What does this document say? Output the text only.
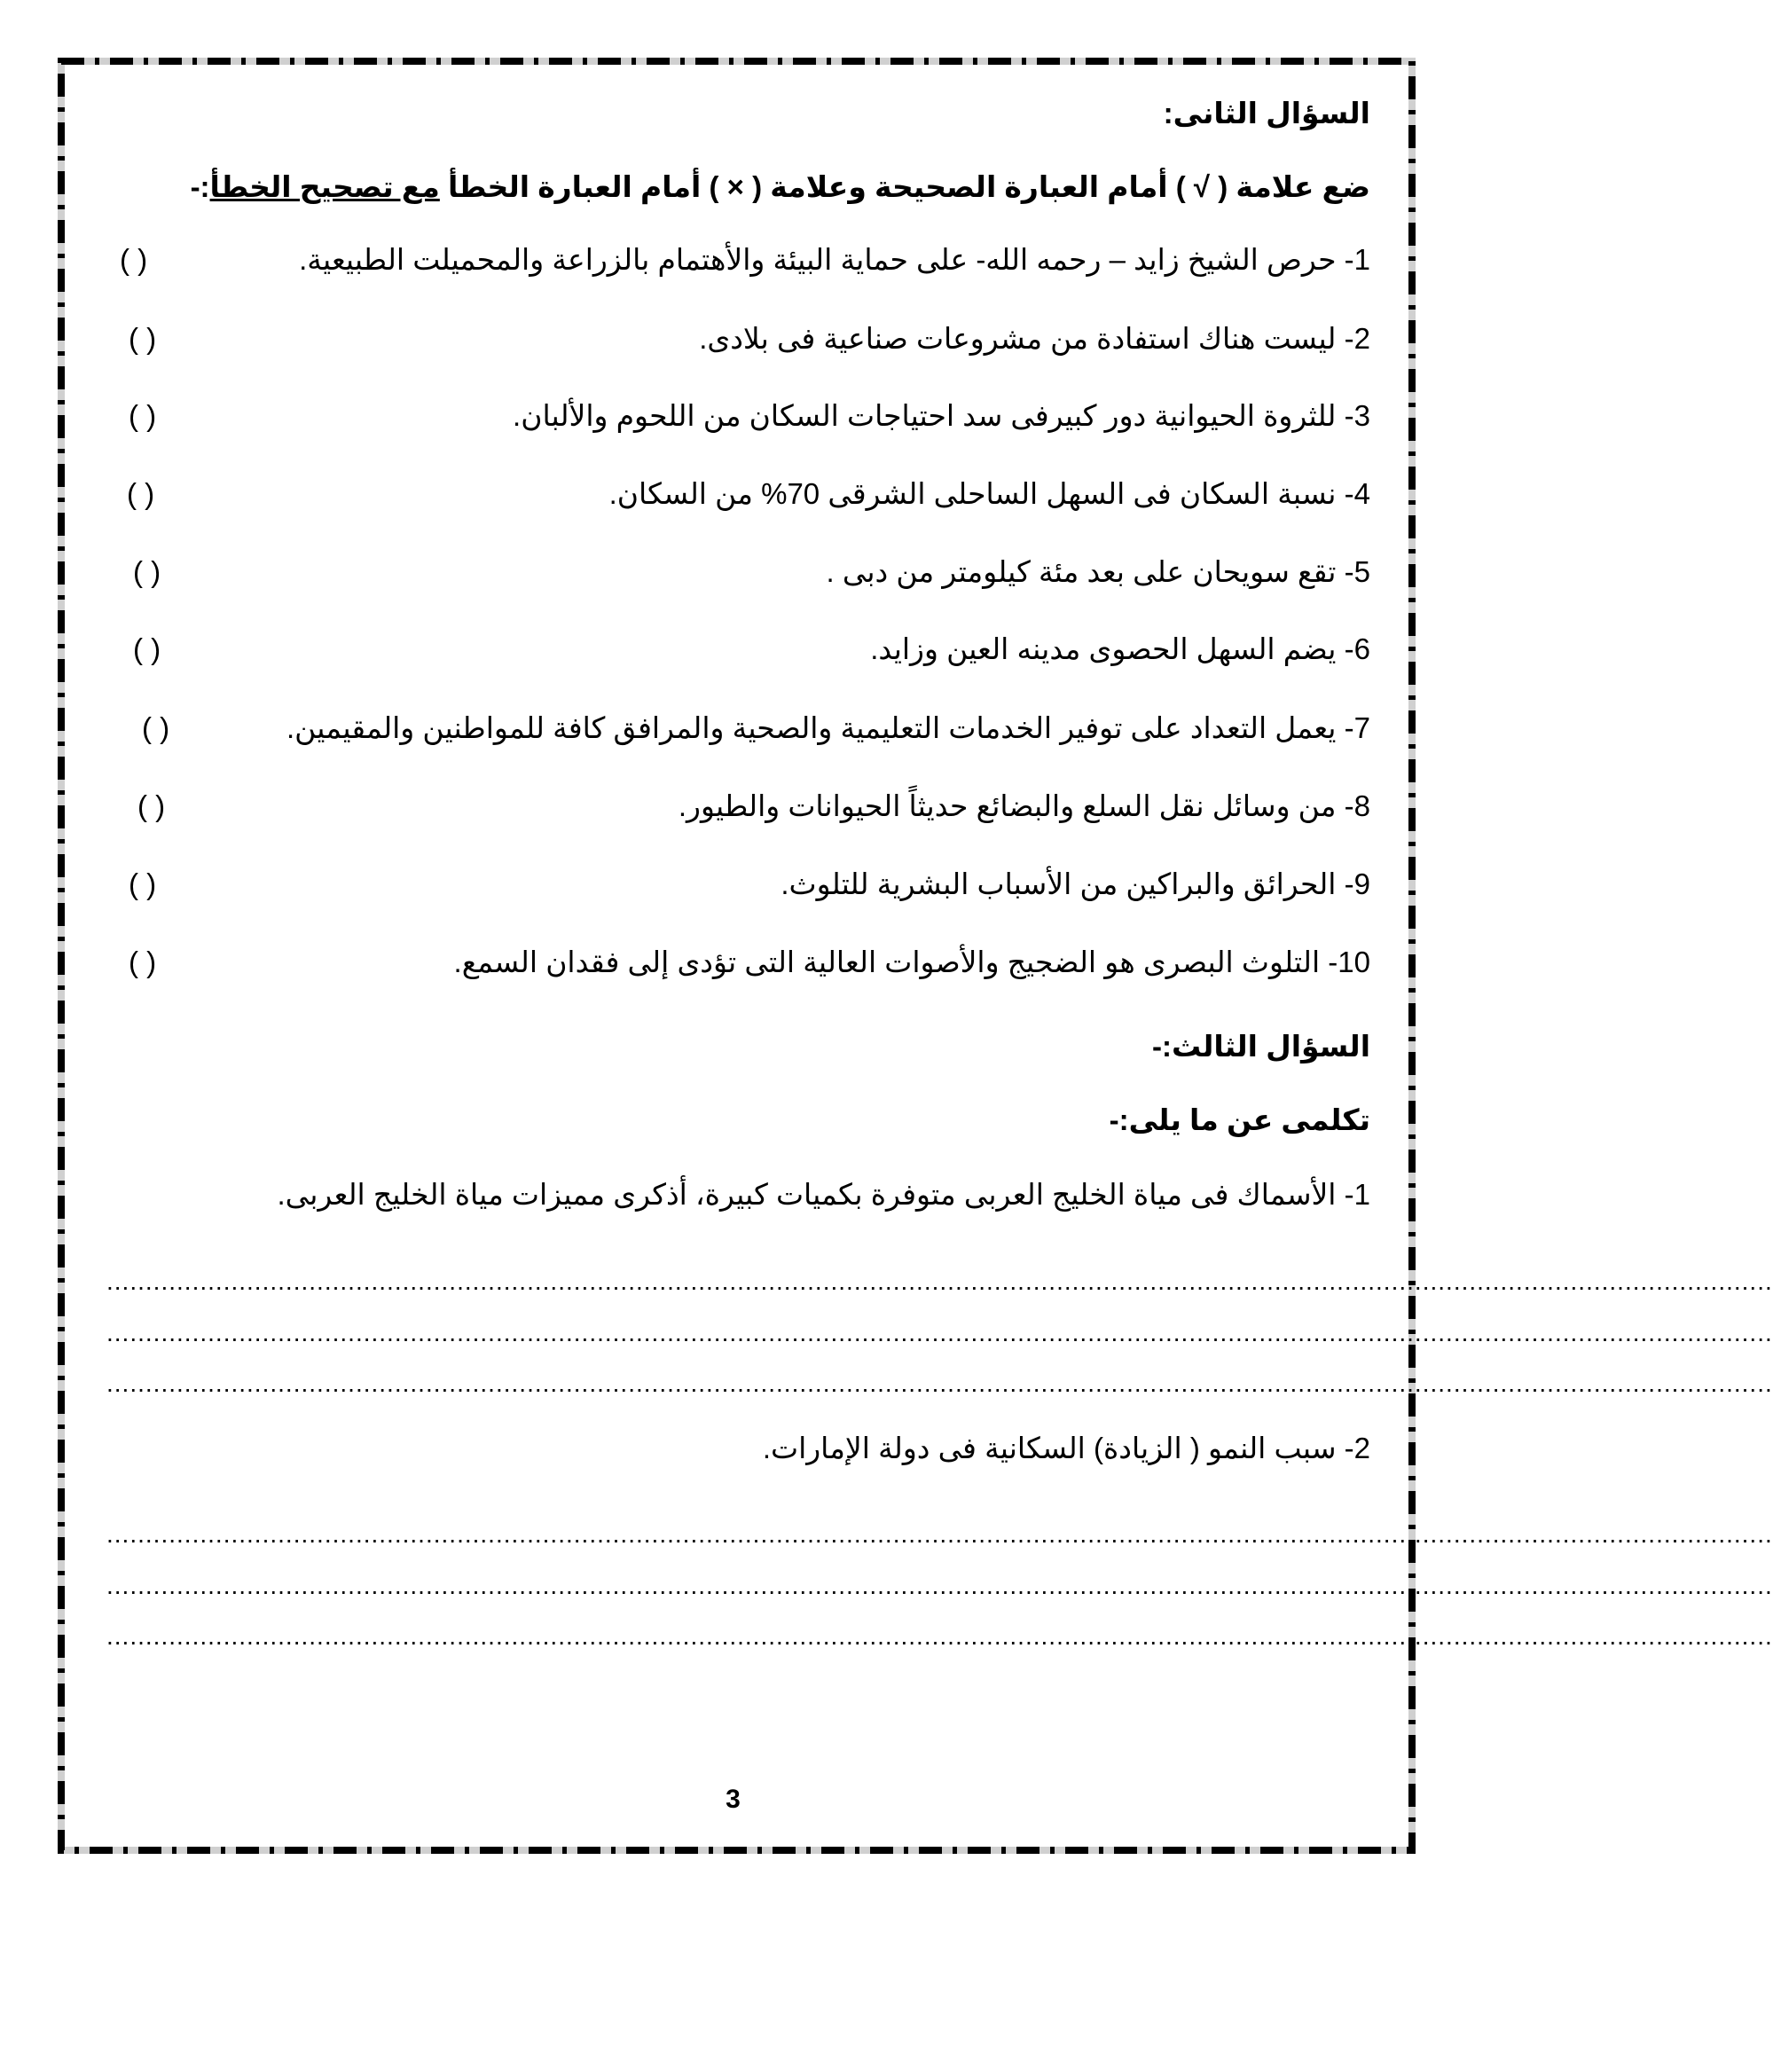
السؤال الثانى:
ضع علامة ( √ ) أمام العبارة الصحيحة وعلامة ( × ) أمام العبارة الخطأ مع تصحيح الخطأ:-
1- حرص الشيخ زايد – رحمه الله- على حماية البيئة والأهتمام بالزراعة والمحميلت الطبيعية.
( )
2- ليست هناك استفادة من مشروعات صناعية فى بلادى.
( )
3- للثروة الحيوانية دور كبيرفى سد احتياجات السكان من اللحوم والألبان.
( )
4- نسبة السكان فى السهل الساحلى الشرقى 70% من السكان.
( )
5- تقع سويحان على بعد مئة كيلومتر من دبى .
( )
6- يضم السهل الحصوى مدينه العين وزايد.
( )
7- يعمل التعداد على توفير الخدمات التعليمية والصحية والمرافق كافة للمواطنين والمقيمين.
( )
8- من وسائل نقل السلع والبضائع حديثاً الحيوانات والطيور.
( )
9- الحرائق والبراكين من الأسباب البشرية للتلوث.
( )
10- التلوث البصرى هو الضجيج والأصوات العالية التى تؤدى إلى فقدان السمع.
( )
السؤال الثالث:-
تكلمى عن ما يلى:-
1- الأسماك فى مياة الخليج العربى متوفرة بكميات كبيرة، أذكرى مميزات مياة الخليج العربى.
......................................................................................................................................................................................................................
......................................................................................................................................................................................................................
......................................................................................................................................................................................................................
2- سبب النمو ( الزيادة) السكانية فى دولة الإمارات.
......................................................................................................................................................................................................................
......................................................................................................................................................................................................................
......................................................................................................................................................................................................................
3
